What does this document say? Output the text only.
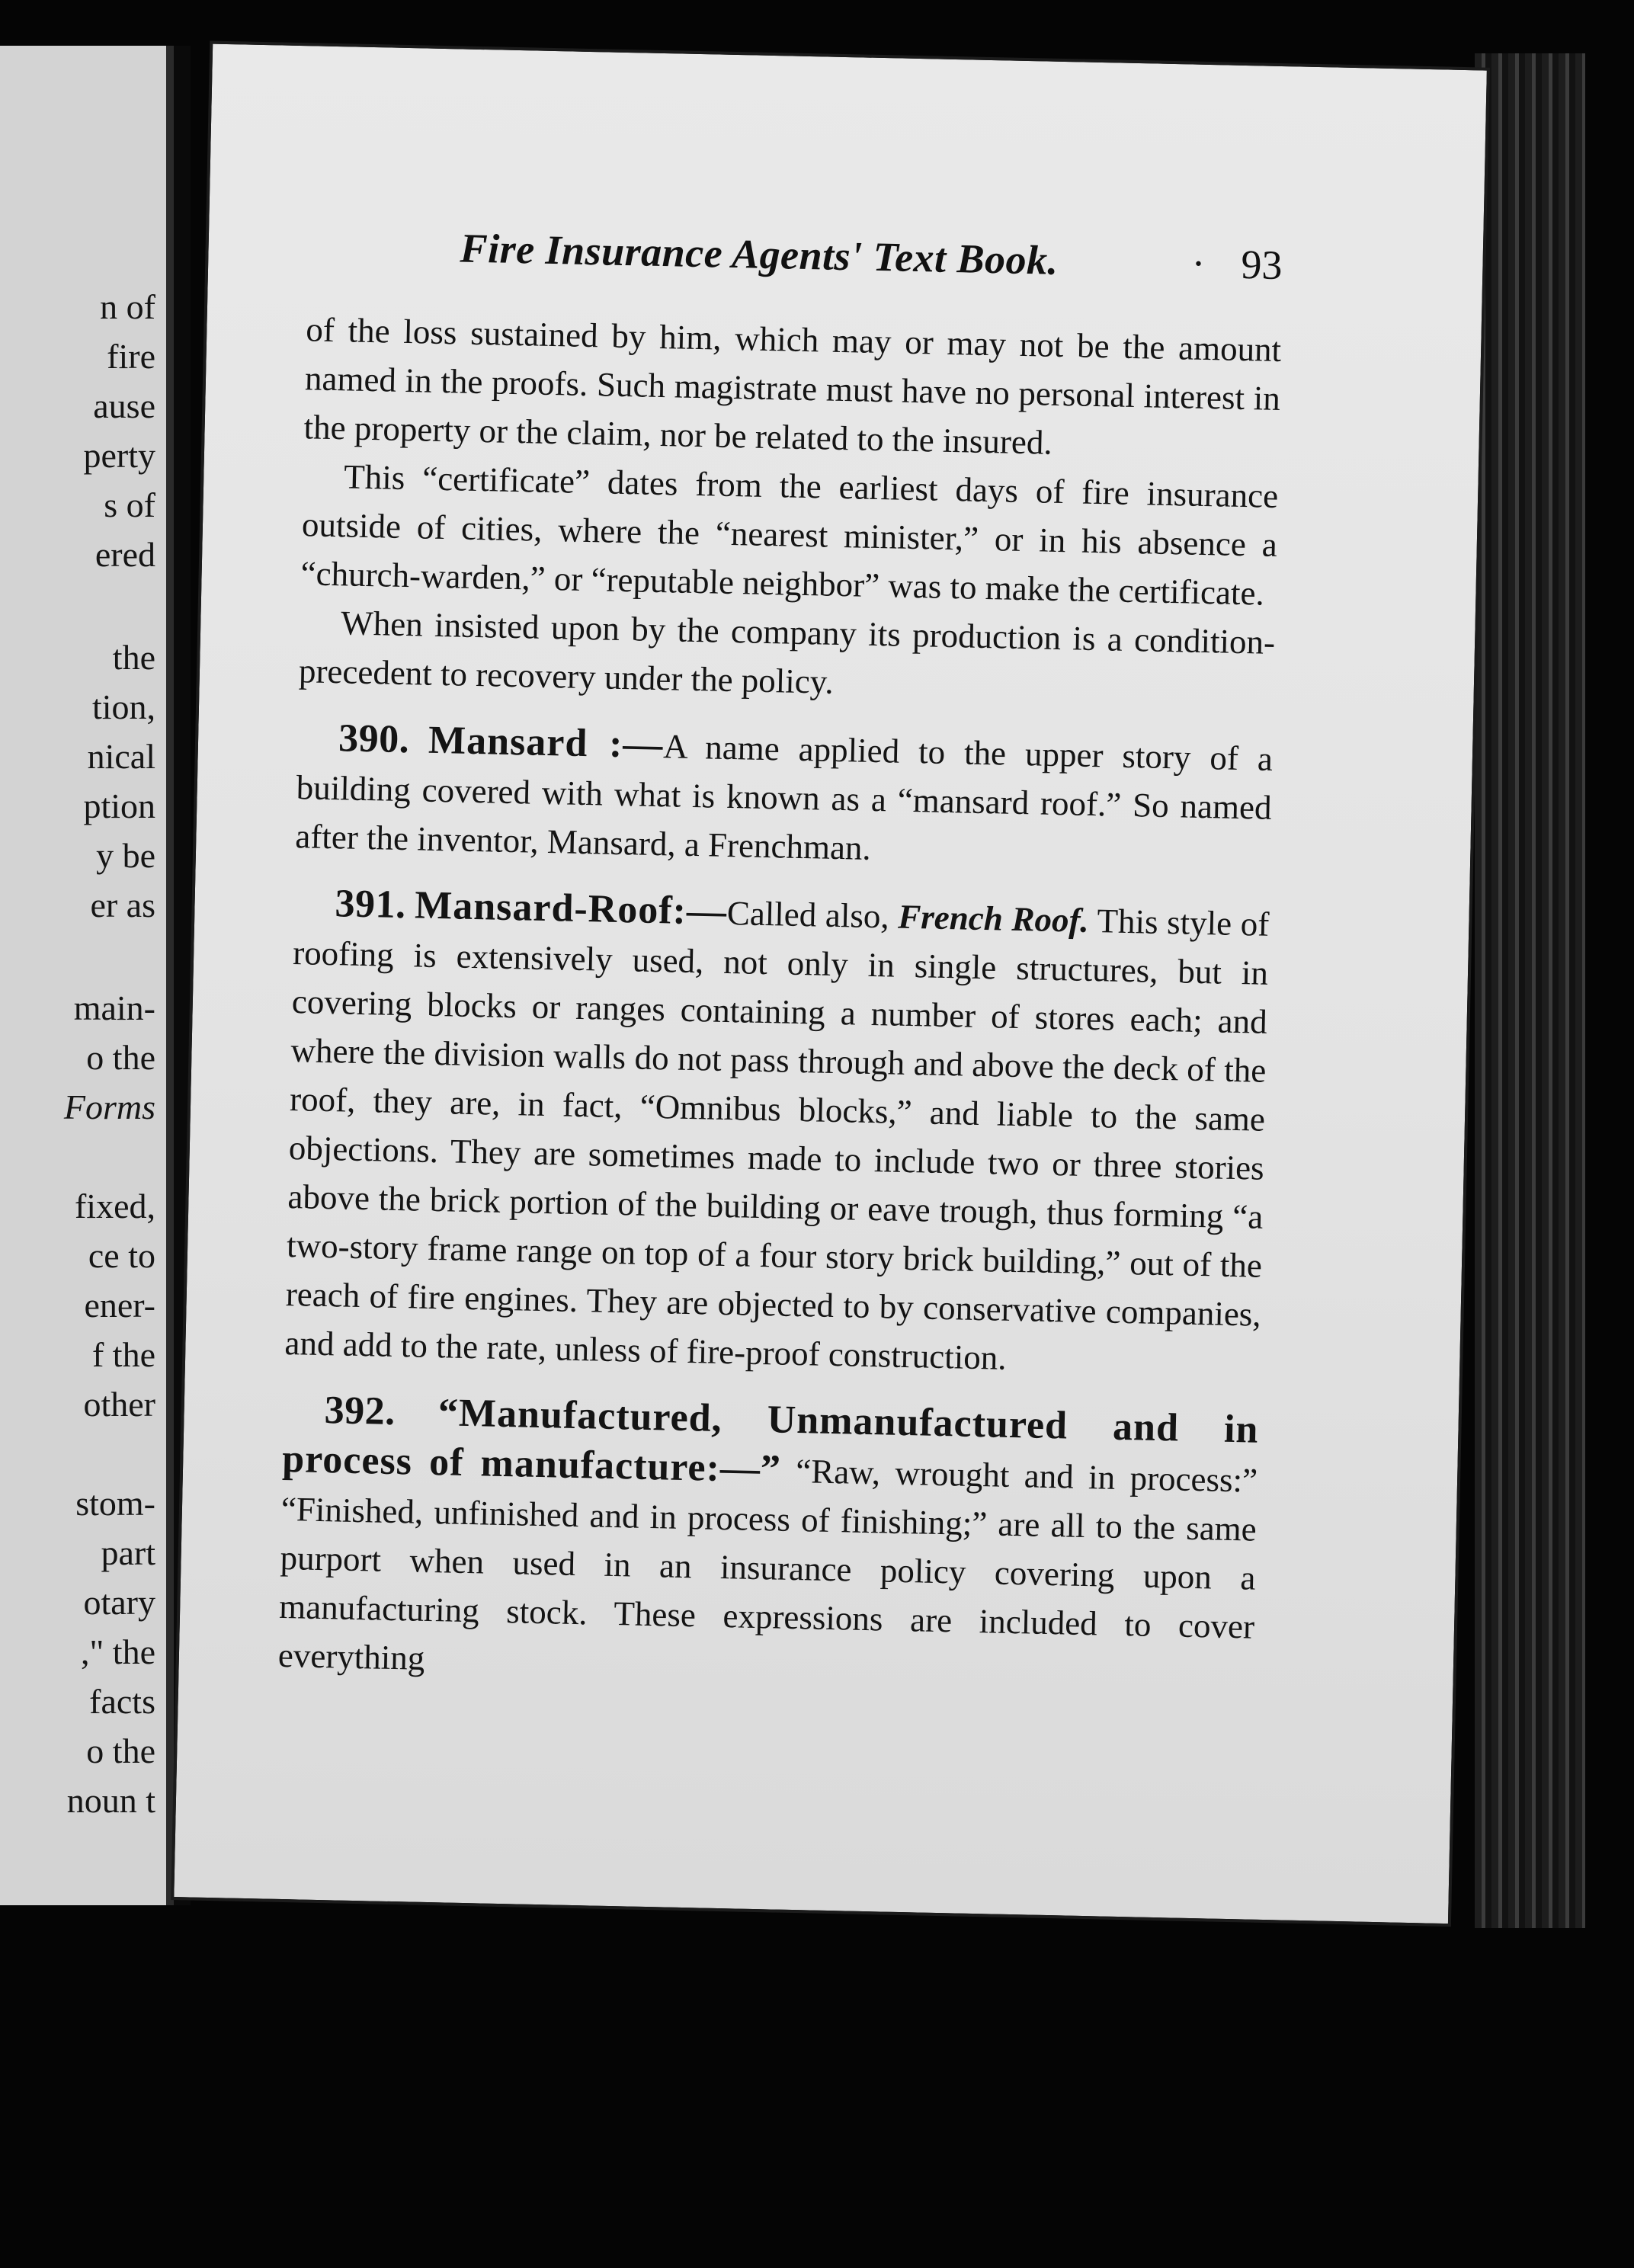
n of
fire
ause
perty
s of
ered
the
tion,
nical
ption
y be
er as
main-
o the
Forms
fixed,
ce to
ener-
f the
other
stom-
part
otary
," the
facts
o the
noun t
Fire Insurance Agents' Text Book.	· 93

of the loss sustained by him, which may or may not be the amount named in the proofs. Such magistrate must have no personal interest in the property or the claim, nor be related to the insured.

This “certificate” dates from the earliest days of fire insurance outside of cities, where the “nearest minister,” or in his absence a “church-warden,” or “reputable neighbor” was to make the certificate.

When insisted upon by the company its production is a condition-precedent to recovery under the policy.

390. Mansard :—A name applied to the upper story of a building covered with what is known as a “mansard roof.” So named after the inventor, Mansard, a Frenchman.

391. Mansard-Roof:—Called also, French Roof. This style of roofing is extensively used, not only in single structures, but in covering blocks or ranges containing a number of stores each; and where the division walls do not pass through and above the deck of the roof, they are, in fact, “Omnibus blocks,” and liable to the same objections. They are sometimes made to include two or three stories above the brick portion of the building or eave trough, thus forming “a two-story frame range on top of a four story brick building,” out of the reach of fire engines. They are objected to by conservative companies, and add to the rate, unless of fire-proof construction.

392. “Manufactured, Unmanufactured and in process of manufacture:—” “Raw, wrought and in process:” “Finished, unfinished and in process of finishing;” are all to the same purport when used in an insurance policy covering upon a manufacturing stock. These expressions are included to cover everything
